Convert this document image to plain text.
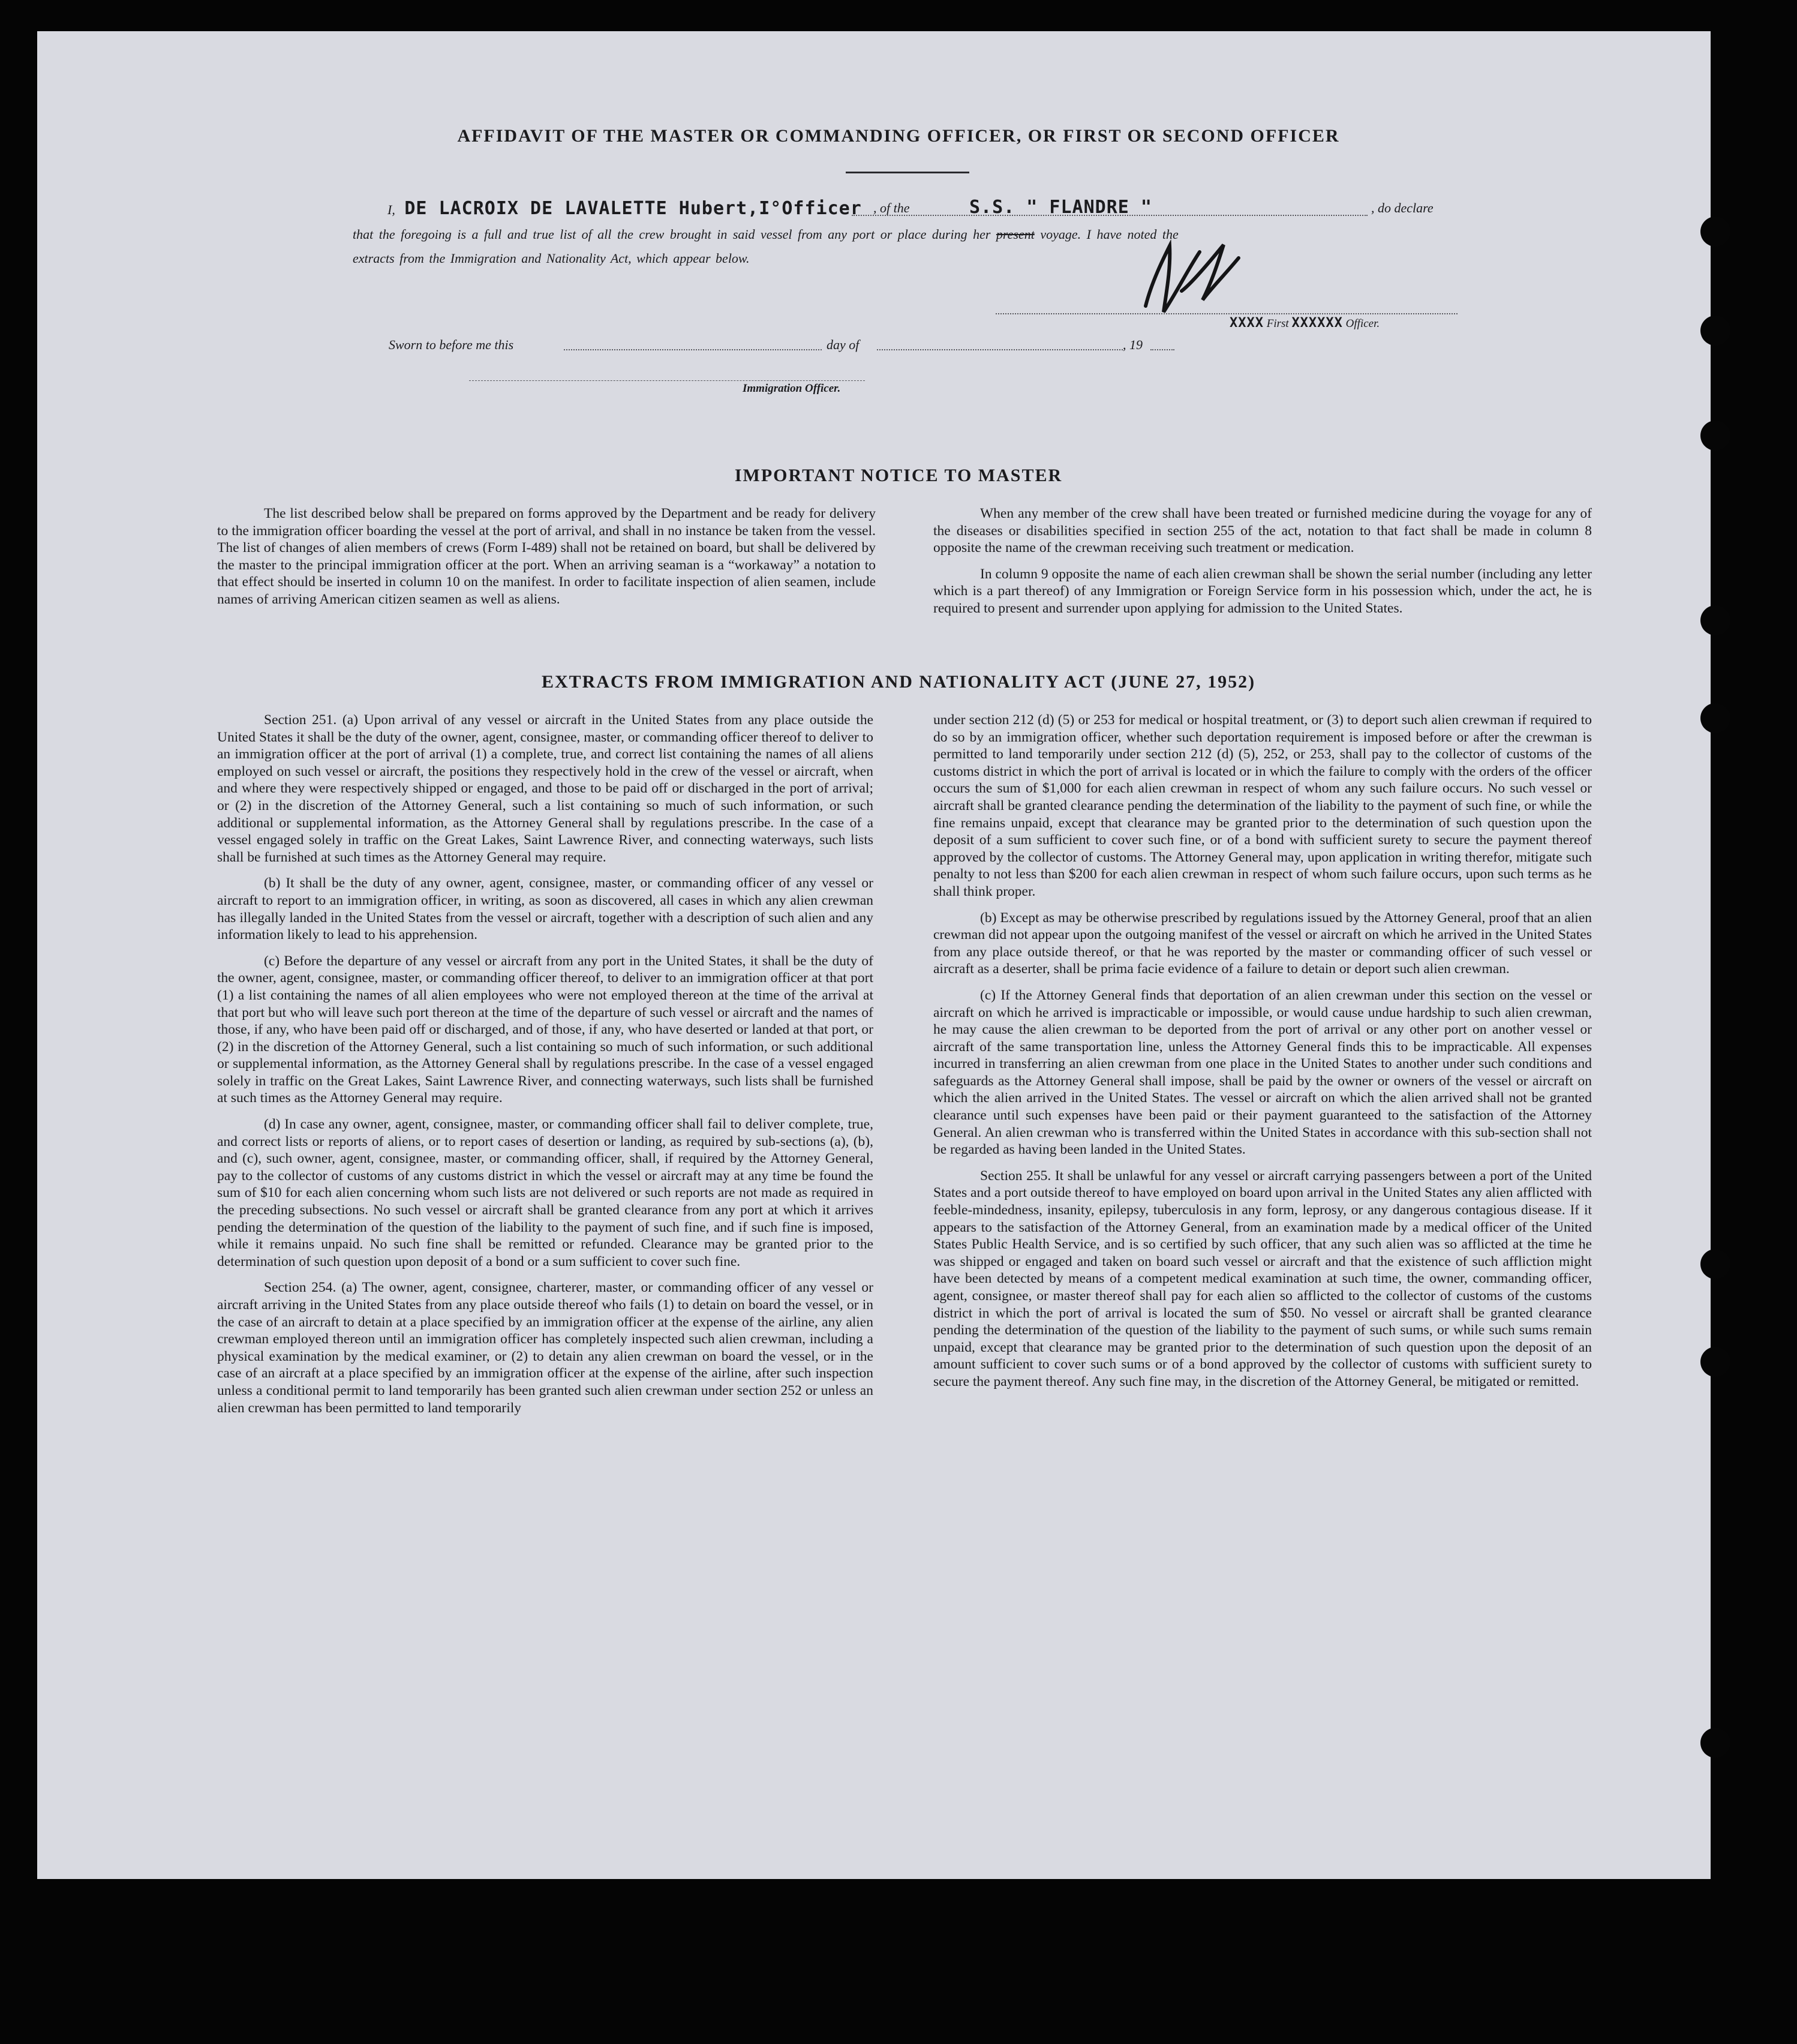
AFFIDAVIT OF THE MASTER OR COMMANDING OFFICER, OR FIRST OR SECOND OFFICER
I, DE LACROIX DE LAVALETTE Hubert,I°Officer , of the	S.S. " FLANDRE "	, do declare
that the foregoing is a full and true list of all the crew brought in said vessel from any port or place during her present voyage. I have noted the
extracts from the Immigration and Nationality Act, which appear below.
XXXX First XXXXXX Officer.
Sworn to before me this	day of	, 19
Immigration Officer.
IMPORTANT NOTICE TO MASTER

The list described below shall be prepared on forms approved by the Department and be ready for delivery to the immigration officer boarding the vessel at the port of arrival, and shall in no instance be taken from the vessel. The list of changes of alien members of crews (Form I-489) shall not be retained on board, but shall be delivered by the master to the principal immigration officer at the port. When an arriving seaman is a “workaway” a notation to that effect should be inserted in column 10 on the manifest. In order to facilitate inspection of alien seamen, include names of arriving American citizen seamen as well as aliens.

When any member of the crew shall have been treated or furnished medicine during the voyage for any of the diseases or disabilities specified in section 255 of the act, notation to that fact shall be made in column 8 opposite the name of the crewman receiving such treatment or medication.

In column 9 opposite the name of each alien crewman shall be shown the serial number (including any letter which is a part thereof) of any Immigration or Foreign Service form in his possession which, under the act, he is required to present and surrender upon applying for admission to the United States.

EXTRACTS FROM IMMIGRATION AND NATIONALITY ACT (JUNE 27, 1952)

Section 251. (a) Upon arrival of any vessel or aircraft in the United States from any place outside the United States it shall be the duty of the owner, agent, consignee, master, or commanding officer thereof to deliver to an immigration officer at the port of arrival (1) a complete, true, and correct list containing the names of all aliens employed on such vessel or aircraft, the positions they respectively hold in the crew of the vessel or aircraft, when and where they were respectively shipped or engaged, and those to be paid off or discharged in the port of arrival; or (2) in the discretion of the Attorney General, such a list containing so much of such information, or such additional or supplemental information, as the Attorney General shall by regulations prescribe. In the case of a vessel engaged solely in traffic on the Great Lakes, Saint Lawrence River, and connecting waterways, such lists shall be furnished at such times as the Attorney General may require.

(b) It shall be the duty of any owner, agent, consignee, master, or commanding officer of any vessel or aircraft to report to an immigration officer, in writing, as soon as discovered, all cases in which any alien crewman has illegally landed in the United States from the vessel or aircraft, together with a description of such alien and any information likely to lead to his apprehension.

(c) Before the departure of any vessel or aircraft from any port in the United States, it shall be the duty of the owner, agent, consignee, master, or commanding officer thereof, to deliver to an immigration officer at that port (1) a list containing the names of all alien employees who were not employed thereon at the time of the arrival at that port but who will leave such port thereon at the time of the departure of such vessel or aircraft and the names of those, if any, who have been paid off or discharged, and of those, if any, who have deserted or landed at that port, or (2) in the discretion of the Attorney General, such a list containing so much of such information, or such additional or supplemental information, as the Attorney General shall by regulations prescribe. In the case of a vessel engaged solely in traffic on the Great Lakes, Saint Lawrence River, and connecting waterways, such lists shall be furnished at such times as the Attorney General may require.

(d) In case any owner, agent, consignee, master, or commanding officer shall fail to deliver complete, true, and correct lists or reports of aliens, or to report cases of desertion or landing, as required by sub-sections (a), (b), and (c), such owner, agent, consignee, master, or commanding officer, shall, if required by the Attorney General, pay to the collector of customs of any customs district in which the vessel or aircraft may at any time be found the sum of $10 for each alien concerning whom such lists are not delivered or such reports are not made as required in the preceding subsections. No such vessel or aircraft shall be granted clearance from any port at which it arrives pending the determination of the question of the liability to the payment of such fine, and if such fine is imposed, while it remains unpaid. No such fine shall be remitted or refunded. Clearance may be granted prior to the determination of such question upon deposit of a bond or a sum sufficient to cover such fine.

Section 254. (a) The owner, agent, consignee, charterer, master, or commanding officer of any vessel or aircraft arriving in the United States from any place outside thereof who fails (1) to detain on board the vessel, or in the case of an aircraft to detain at a place specified by an immigration officer at the expense of the airline, any alien crewman employed thereon until an immigration officer has completely inspected such alien crewman, including a physical examination by the medical examiner, or (2) to detain any alien crewman on board the vessel, or in the case of an aircraft at a place specified by an immigration officer at the expense of the airline, after such inspection unless a conditional permit to land temporarily has been granted such alien crewman under section 252 or unless an alien crewman has been permitted to land temporarily

under section 212 (d) (5) or 253 for medical or hospital treatment, or (3) to deport such alien crewman if required to do so by an immigration officer, whether such deportation requirement is imposed before or after the crewman is permitted to land temporarily under section 212 (d) (5), 252, or 253, shall pay to the collector of customs of the customs district in which the port of arrival is located or in which the failure to comply with the orders of the officer occurs the sum of $1,000 for each alien crewman in respect of whom any such failure occurs. No such vessel or aircraft shall be granted clearance pending the determination of the liability to the payment of such fine, or while the fine remains unpaid, except that clearance may be granted prior to the determination of such question upon the deposit of a sum sufficient to cover such fine, or of a bond with sufficient surety to secure the payment thereof approved by the collector of customs. The Attorney General may, upon application in writing therefor, mitigate such penalty to not less than $200 for each alien crewman in respect of whom such failure occurs, upon such terms as he shall think proper.

(b) Except as may be otherwise prescribed by regulations issued by the Attorney General, proof that an alien crewman did not appear upon the outgoing manifest of the vessel or aircraft on which he arrived in the United States from any place outside thereof, or that he was reported by the master or commanding officer of such vessel or aircraft as a deserter, shall be prima facie evidence of a failure to detain or deport such alien crewman.

(c) If the Attorney General finds that deportation of an alien crewman under this section on the vessel or aircraft on which he arrived is impracticable or impossible, or would cause undue hardship to such alien crewman, he may cause the alien crewman to be deported from the port of arrival or any other port on another vessel or aircraft of the same transportation line, unless the Attorney General finds this to be impracticable. All expenses incurred in transferring an alien crewman from one place in the United States to another under such conditions and safeguards as the Attorney General shall impose, shall be paid by the owner or owners of the vessel or aircraft on which the alien arrived in the United States. The vessel or aircraft on which the alien arrived shall not be granted clearance until such expenses have been paid or their payment guaranteed to the satisfaction of the Attorney General. An alien crewman who is transferred within the United States in accordance with this sub-section shall not be regarded as having been landed in the United States.

Section 255. It shall be unlawful for any vessel or aircraft carrying passengers between a port of the United States and a port outside thereof to have employed on board upon arrival in the United States any alien afflicted with feeble-mindedness, insanity, epilepsy, tuberculosis in any form, leprosy, or any dangerous contagious disease. If it appears to the satisfaction of the Attorney General, from an examination made by a medical officer of the United States Public Health Service, and is so certified by such officer, that any such alien was so afflicted at the time he was shipped or engaged and taken on board such vessel or aircraft and that the existence of such affliction might have been detected by means of a competent medical examination at such time, the owner, commanding officer, agent, consignee, or master thereof shall pay for each alien so afflicted to the collector of customs of the customs district in which the port of arrival is located the sum of $50. No vessel or aircraft shall be granted clearance pending the determination of the question of the liability to the payment of such sums, or while such sums remain unpaid, except that clearance may be granted prior to the determination of such question upon the deposit of an amount sufficient to cover such sums or of a bond approved by the collector of customs with sufficient surety to secure the payment thereof. Any such fine may, in the discretion of the Attorney General, be mitigated or remitted.
